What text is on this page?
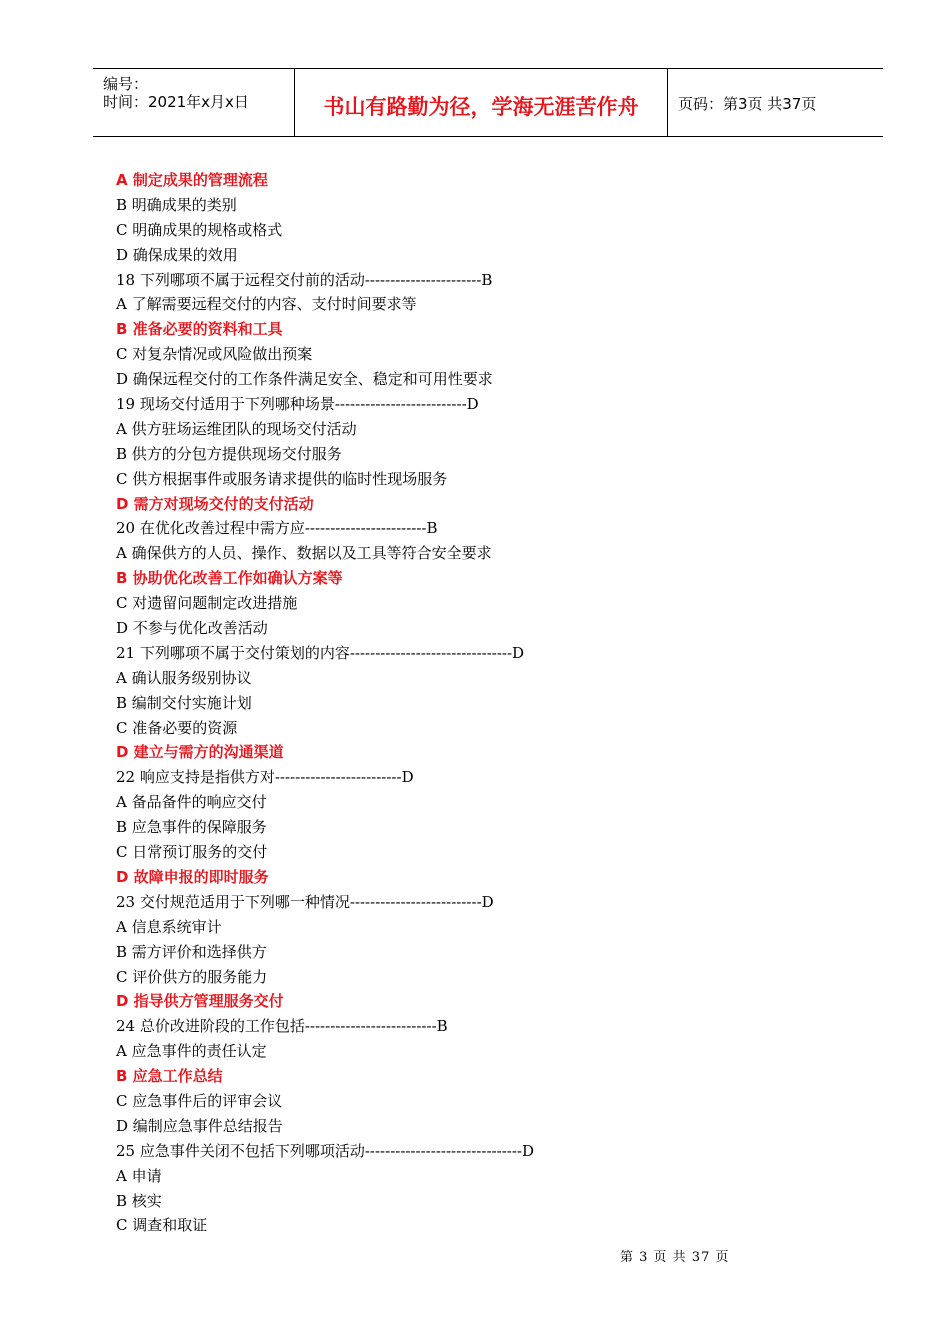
编号：
时间：2021年x月x日	书山有路勤为径，学海无涯苦作舟	页码：第3页 共37页
A 制定成果的管理流程
B 明确成果的类别
C 明确成果的规格或格式
D 确保成果的效用
18 下列哪项不属于远程交付前的活动-----------------------B
A 了解需要远程交付的内容、支付时间要求等
B 准备必要的资料和工具
C 对复杂情况或风险做出预案
D 确保远程交付的工作条件满足安全、稳定和可用性要求
19 现场交付适用于下列哪种场景--------------------------D
A 供方驻场运维团队的现场交付活动
B 供方的分包方提供现场交付服务
C 供方根据事件或服务请求提供的临时性现场服务
D 需方对现场交付的支付活动
20 在优化改善过程中需方应------------------------B
A 确保供方的人员、操作、数据以及工具等符合安全要求
B 协助优化改善工作如确认方案等
C 对遗留问题制定改进措施
D 不参与优化改善活动
21 下列哪项不属于交付策划的内容--------------------------------D
A 确认服务级别协议
B 编制交付实施计划
C 准备必要的资源
D 建立与需方的沟通渠道
22 响应支持是指供方对-------------------------D
A 备品备件的响应交付
B 应急事件的保障服务
C 日常预订服务的交付
D 故障申报的即时服务
23 交付规范适用于下列哪一种情况--------------------------D
A 信息系统审计
B 需方评价和选择供方
C 评价供方的服务能力
D 指导供方管理服务交付
24 总价改进阶段的工作包括--------------------------B
A 应急事件的责任认定
B 应急工作总结
C 应急事件后的评审会议
D 编制应急事件总结报告
25 应急事件关闭不包括下列哪项活动-------------------------------D
A 申请
B 核实
C 调查和取证
第 3 页 共 37 页
